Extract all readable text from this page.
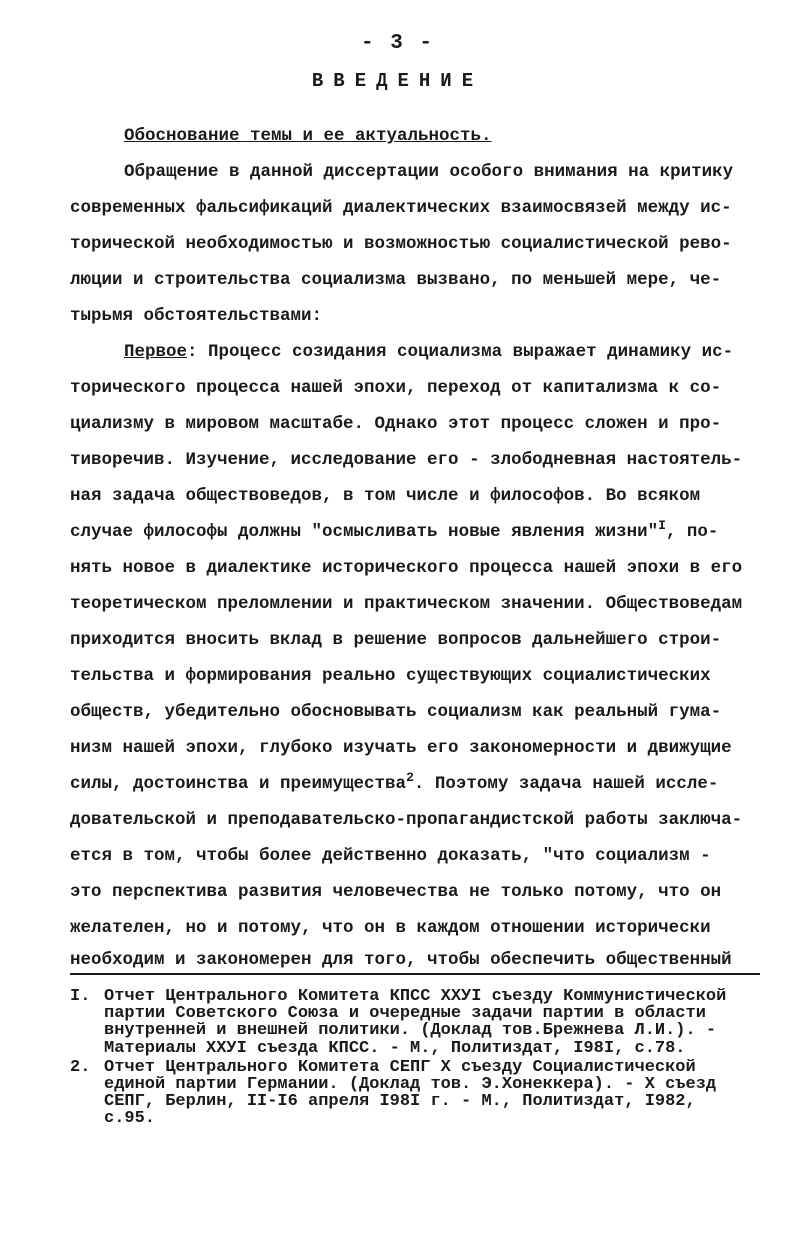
- 3 -
ВВЕДЕНИЕ
Обоснование темы и ее актуальность.
Обращение в данной диссертации особого внимания на критику
современных фальсификаций диалектических взаимосвязей между ис-
торической необходимостью и возможностью социалистической рево-
люции и строительства социализма вызвано, по меньшей мере, че-
тырьмя обстоятельствами:
Первое: Процесс созидания социализма выражает динамику ис-
торического процесса нашей эпохи, переход от капитализма к со-
циализму в мировом масштабе. Однако этот процесс сложен и про-
тиворечив. Изучение, исследование его - злободневная настоятель-
ная задача обществоведов, в том числе и философов. Во всяком
случае философы должны "осмысливать новые явления жизни"$^I$, по-
нять новое в диалектике исторического процесса нашей эпохи в его
теоретическом преломлении и практическом значении. Обществоведам
приходится вносить вклад в решение вопросов дальнейшего строи-
тельства и формирования реально существующих социалистических
обществ, убедительно обосновывать социализм как реальный гума-
низм нашей эпохи, глубоко изучать его закономерности и движущие
силы, достоинства и преимущества$^2$. Поэтому задача нашей иссле-
довательской и преподавательско-пропагандистской работы заключа-
ется в том, чтобы более действенно доказать, "что социализм -
это перспектива развития человечества не только потому, что он
желателен, но и потому, что он в каждом отношении исторически
необходим и закономерен для того, чтобы обеспечить общественный
I. Отчет Центрального Комитета КПСС XXУI съезду Коммунистической
партии Советского Союза и очередные задачи партии в области
внутренней и внешней политики. (Доклад тов.Брежнева Л.И.). -
Материалы XXУI съезда КПСС. - М., Политиздат, I98I, с.78.
2. Отчет Центрального Комитета СЕПГ X съезду Социалистической
единой партии Германии. (Доклад тов. Э.Хонеккера). - X съезд
СЕПГ, Берлин, II-I6 апреля I98I г. - М., Политиздат, I982,
с.95.
